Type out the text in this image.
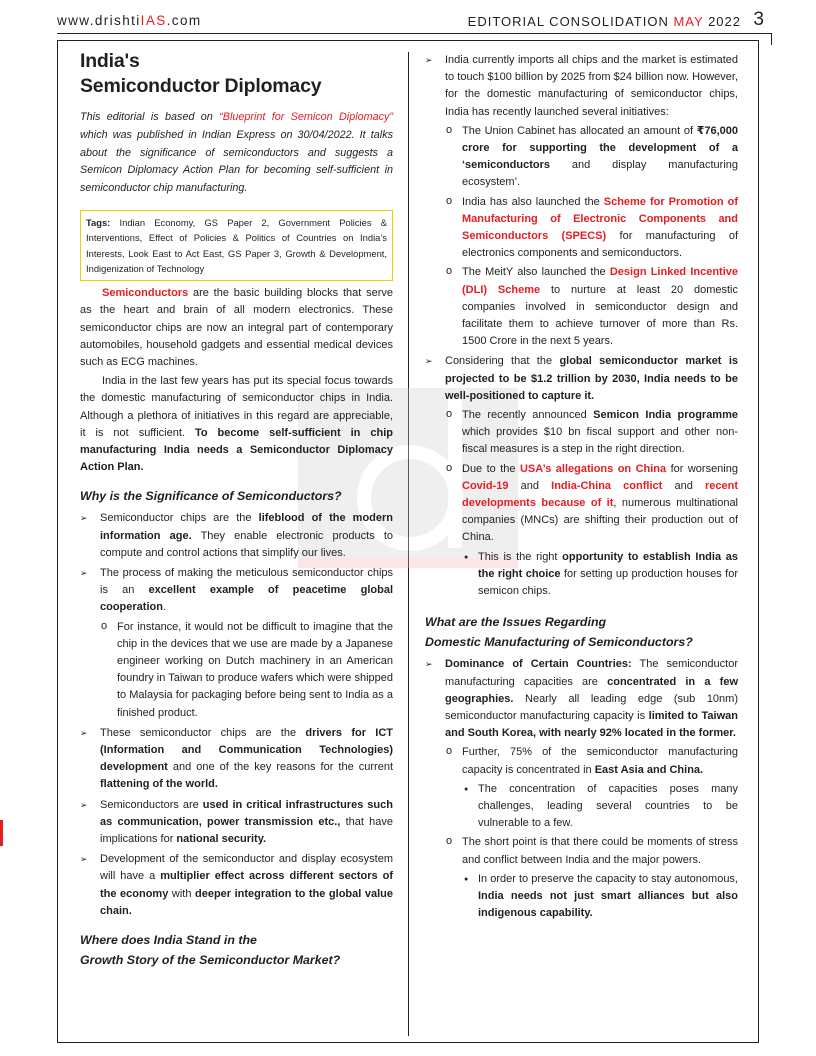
www.drishtiIAS.com	EDITORIAL CONSOLIDATION MAY 2022 3
India's
Semiconductor Diplomacy

This editorial is based on “Blueprint for Semicon Diplomacy” which was published in Indian Express on 30/04/2022. It talks about the significance of semiconductors and suggests a Semicon Diplomacy Action Plan for becoming self-sufficient in semiconductor chip manufacturing.

Tags: Indian Economy, GS Paper 2, Government Policies & Interventions, Effect of Policies & Politics of Countries on India’s Interests, Look East to Act East, GS Paper 3, Growth & Development, Indigenization of Technology

Semiconductors are the basic building blocks that serve as the heart and brain of all modern electronics. These semiconductor chips are now an integral part of contemporary automobiles, household gadgets and essential medical devices such as ECG machines.

India in the last few years has put its special focus towards the domestic manufacturing of semiconductor chips in India. Although a plethora of initiatives in this regard are appreciable, it is not sufficient. To become self-sufficient in chip manufacturing India needs a Semiconductor Diplomacy Action Plan.

Why is the Significance of Semiconductors?
➢ Semiconductor chips are the lifeblood of the modern information age. They enable electronic products to compute and control actions that simplify our lives.
➢ The process of making the meticulous semiconductor chips is an excellent example of peacetime global cooperation.
o For instance, it would not be difficult to imagine that the chip in the devices that we use are made by a Japanese engineer working on Dutch machinery in an American foundry in Taiwan to produce wafers which were shipped to Malaysia for packaging before being sent to India as a finished product.
➢ These semiconductor chips are the drivers for ICT (Information and Communication Technologies) development and one of the key reasons for the current flattening of the world.
➢ Semiconductors are used in critical infrastructures such as communication, power transmission etc., that have implications for national security.
➢ Development of the semiconductor and display ecosystem will have a multiplier effect across different sectors of the economy with deeper integration to the global value chain.
Where does India Stand in the
Growth Story of the Semiconductor Market?
➢ India currently imports all chips and the market is estimated to touch $100 billion by 2025 from $24 billion now. However, for the domestic manufacturing of semiconductor chips, India has recently launched several initiatives:
o The Union Cabinet has allocated an amount of ₹76,000 crore for supporting the development of a ‘semiconductors and display manufacturing ecosystem’.
o India has also launched the Scheme for Promotion of Manufacturing of Electronic Components and Semiconductors (SPECS) for manufacturing of electronics components and semiconductors.
o The MeitY also launched the Design Linked Incentive (DLI) Scheme to nurture at least 20 domestic companies involved in semiconductor design and facilitate them to achieve turnover of more than Rs. 1500 Crore in the next 5 years.
➢ Considering that the global semiconductor market is projected to be $1.2 trillion by 2030, India needs to be well-positioned to capture it.
o The recently announced Semicon India programme which provides $10 bn fiscal support and other non-fiscal measures is a step in the right direction.
o Due to the USA’s allegations on China for worsening Covid-19 and India-China conflict and recent developments because of it, numerous multinational companies (MNCs) are shifting their production out of China.
● This is the right opportunity to establish India as the right choice for setting up production houses for semicon chips.
What are the Issues Regarding
Domestic Manufacturing of Semiconductors?
➢ Dominance of Certain Countries: The semiconductor manufacturing capacities are concentrated in a few geographies. Nearly all leading edge (sub 10nm) semiconductor manufacturing capacity is limited to Taiwan and South Korea, with nearly 92% located in the former.
o Further, 75% of the semiconductor manufacturing capacity is concentrated in East Asia and China.
● The concentration of capacities poses many challenges, leading several countries to be vulnerable to a few.
o The short point is that there could be moments of stress and conflict between India and the major powers.
● In order to preserve the capacity to stay autonomous, India needs not just smart alliances but also indigenous capability.
